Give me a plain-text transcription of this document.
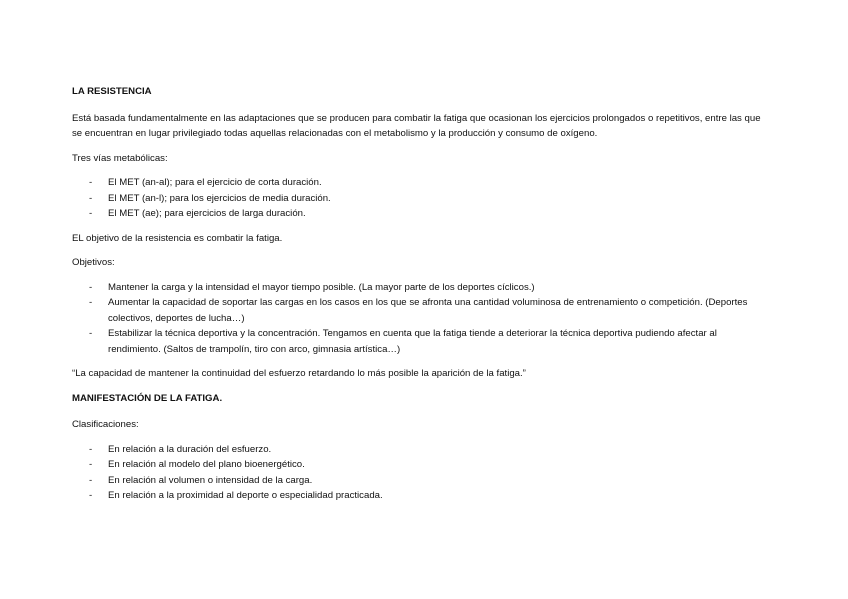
LA RESISTENCIA

Está basada fundamentalmente en las adaptaciones que se producen para combatir la fatiga que ocasionan los ejercicios prolongados o repetitivos, entre las que se encuentran en lugar privilegiado todas aquellas relacionadas con el metabolismo y la producción y consumo de oxígeno.

Tres vías metabólicas:

- El MET (an-al); para el ejercicio de corta duración.
- El MET (an-l); para los ejercicios de media duración.
- El MET (ae); para ejercicios de larga duración.

EL objetivo de la resistencia es combatir la fatiga.

Objetivos:

- Mantener la carga y la intensidad el mayor tiempo posible. (La mayor parte de los deportes cíclicos.)
- Aumentar la capacidad de soportar las cargas en los casos en los que se afronta una cantidad voluminosa de entrenamiento o competición. (Deportes colectivos, deportes de lucha…)
- Estabilizar la técnica deportiva y la concentración. Tengamos en cuenta que la fatiga tiende a deteriorar la técnica deportiva pudiendo afectar al rendimiento. (Saltos de trampolín, tiro con arco, gimnasia artística…)

“La capacidad de mantener la continuidad del esfuerzo retardando lo más posible la aparición de la fatiga.”

MANIFESTACIÓN DE LA FATIGA.

Clasificaciones:

- En relación a la duración del esfuerzo.
- En relación al modelo del plano bioenergético.
- En relación al volumen o intensidad de la carga.
- En relación a la proximidad al deporte o especialidad practicada.
